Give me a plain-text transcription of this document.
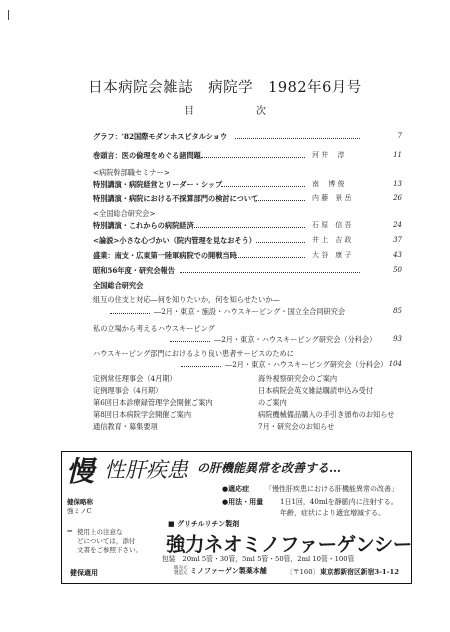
日本病院会雑誌　病院学　1982年6月号
目　次
グラフ：'82国際モダンホスピタルショウ	7
巻頭言：医の倫理をめぐる諸問題	河 井　 淳	11
<病院幹部職セミナー>
特別講演・病院経営とリーダー・シップ	南　 博 俊	13
特別講演・病院における不採算部門の検討について	内 藤　景 岳	26
<全国総合研究会>
特別講演・これからの病院経済	石 原　信 吾	24
<論説>小さな心づかい（院内管理を見なおそう）	井 上　吉 政	37
盛業：南支・広東第一陸軍病院での開戦当時	大 谷　康 子	43
昭和56年度・研究会報告	50
全国総合研究会
組互の住支と対応―何を知りたいか，何を知らせたいか―
―2月・東京・施設・ハウスキーピング・国立全合同研究会	85
私の立場から考えるハウスキーピング
―2月・東京・ハウスキーピング研究会（分科会）	93
ハウスキーピング部門におけるより良い患者サービスのために
―2月・東京・ハウスキーピング研究会（分科会） 104
定例常任理事会（4月期）
定例理事会（4月期）
第6回日本診療録管理学会開催ご案内
第8回日本病院学会開催ご案内
通信教育・募集要項
海外視察研究会のご案内
日本病院会英文雑誌購読申込み受付
のご案内
病院機械備品購入の手引き頒布のお知らせ
7月・研究会のお知らせ
慢 性肝疾患 の肝機能異常を改善する…
健保略称
強ミノC
●適応症 「慢性肝疾患における肝機能異常の改善」
●用法・用量 1日1回，40mlを静脈内に注射する。
年齢，症状により適宜増減する。
⇒ 使用上の注意な
どについては，添付
文書をご参照下さい。
■ グリチルリチン製剤
強力ネオミノファーゲンシー
包装　20ml 5管・30管，5ml 5管・50管，2ml 10管・100管
健保適用	販売元
製造元 ミノファーゲン製薬本舗	〔〒160〕 東京都新宿区新宿3-1-12
